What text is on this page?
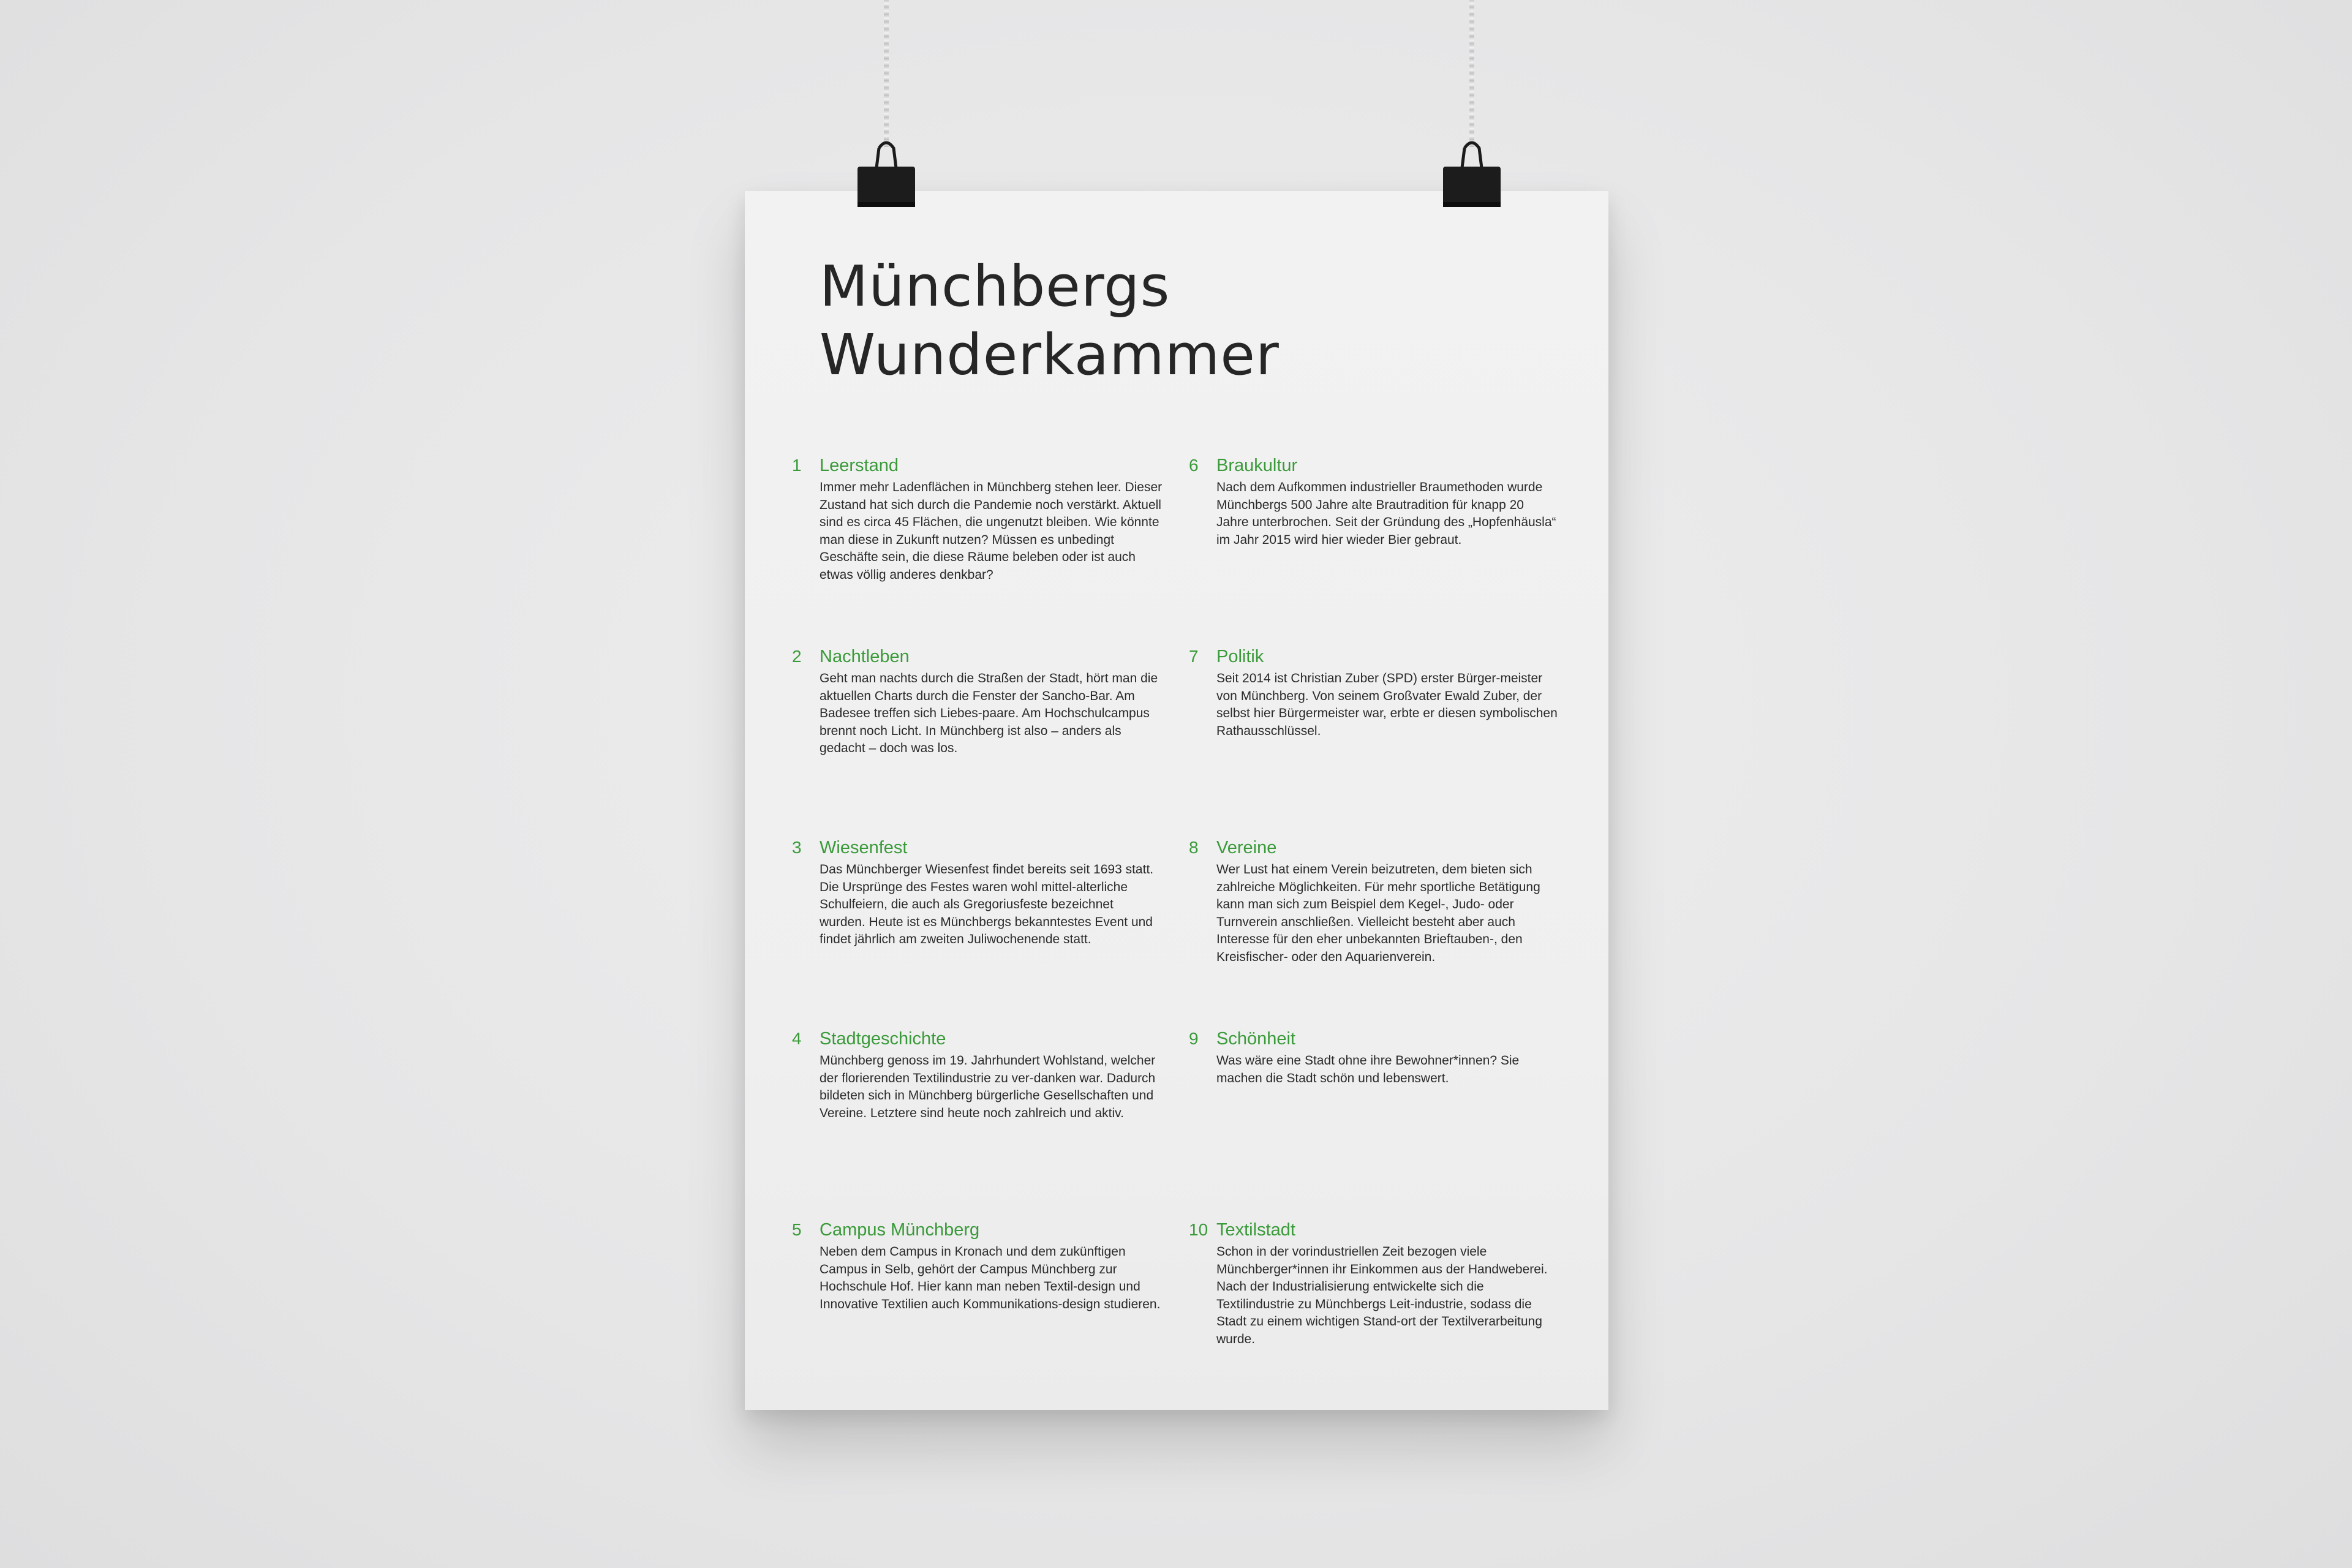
Münchbergs
Wunderkammer
1	Leerstand

Immer mehr Ladenflächen in Münchberg stehen leer. Dieser Zustand hat sich durch die Pandemie noch verstärkt. Aktuell sind es circa 45 Flächen, die ungenutzt bleiben. Wie könnte man diese in Zukunft nutzen? Müssen es unbedingt Geschäfte sein, die diese Räume beleben oder ist auch etwas völlig anderes denkbar?

2	Nachtleben

Geht man nachts durch die Straßen der Stadt, hört man die aktuellen Charts durch die Fenster der Sancho-Bar. Am Badesee treffen sich Liebes-paare. Am Hochschulcampus brennt noch Licht. In Münchberg ist also – anders als gedacht – doch was los.

3	Wiesenfest

Das Münchberger Wiesenfest findet bereits seit 1693 statt. Die Ursprünge des Festes waren wohl mittel-alterliche Schulfeiern, die auch als Gregoriusfeste bezeichnet wurden. Heute ist es Münchbergs bekanntestes Event und findet jährlich am zweiten Juliwochenende statt.

4	Stadtgeschichte

Münchberg genoss im 19. Jahrhundert Wohlstand, welcher der florierenden Textilindustrie zu ver-danken war. Dadurch bildeten sich in Münchberg bürgerliche Gesellschaften und Vereine. Letztere sind heute noch zahlreich und aktiv.

5	Campus Münchberg

Neben dem Campus in Kronach und dem zukünftigen Campus in Selb, gehört der Campus Münchberg zur Hochschule Hof. Hier kann man neben Textil-design und Innovative Textilien auch Kommunikations-design studieren.

6	Braukultur

Nach dem Aufkommen industrieller Braumethoden wurde Münchbergs 500 Jahre alte Brautradition für knapp 20 Jahre unterbrochen. Seit der Gründung des „Hopfenhäusla“ im Jahr 2015 wird hier wieder Bier gebraut.

7	Politik

Seit 2014 ist Christian Zuber (SPD) erster Bürger-meister von Münchberg. Von seinem Großvater Ewald Zuber, der selbst hier Bürgermeister war, erbte er diesen symbolischen Rathausschlüssel.

8	Vereine

Wer Lust hat einem Verein beizutreten, dem bieten sich zahlreiche Möglichkeiten. Für mehr sportliche Betätigung kann man sich zum Beispiel dem Kegel-, Judo- oder Turnverein anschließen. Vielleicht besteht aber auch Interesse für den eher unbekannten Brieftauben-, den Kreisfischer- oder den Aquarienverein.

9	Schönheit

Was wäre eine Stadt ohne ihre Bewohner*innen? Sie machen die Stadt schön und lebenswert.

10 Textilstadt

Schon in der vorindustriellen Zeit bezogen viele Münchberger*innen ihr Einkommen aus der Handweberei. Nach der Industrialisierung entwickelte sich die Textilindustrie zu Münchbergs Leit-industrie, sodass die Stadt zu einem wichtigen Stand-ort der Textilverarbeitung wurde.
